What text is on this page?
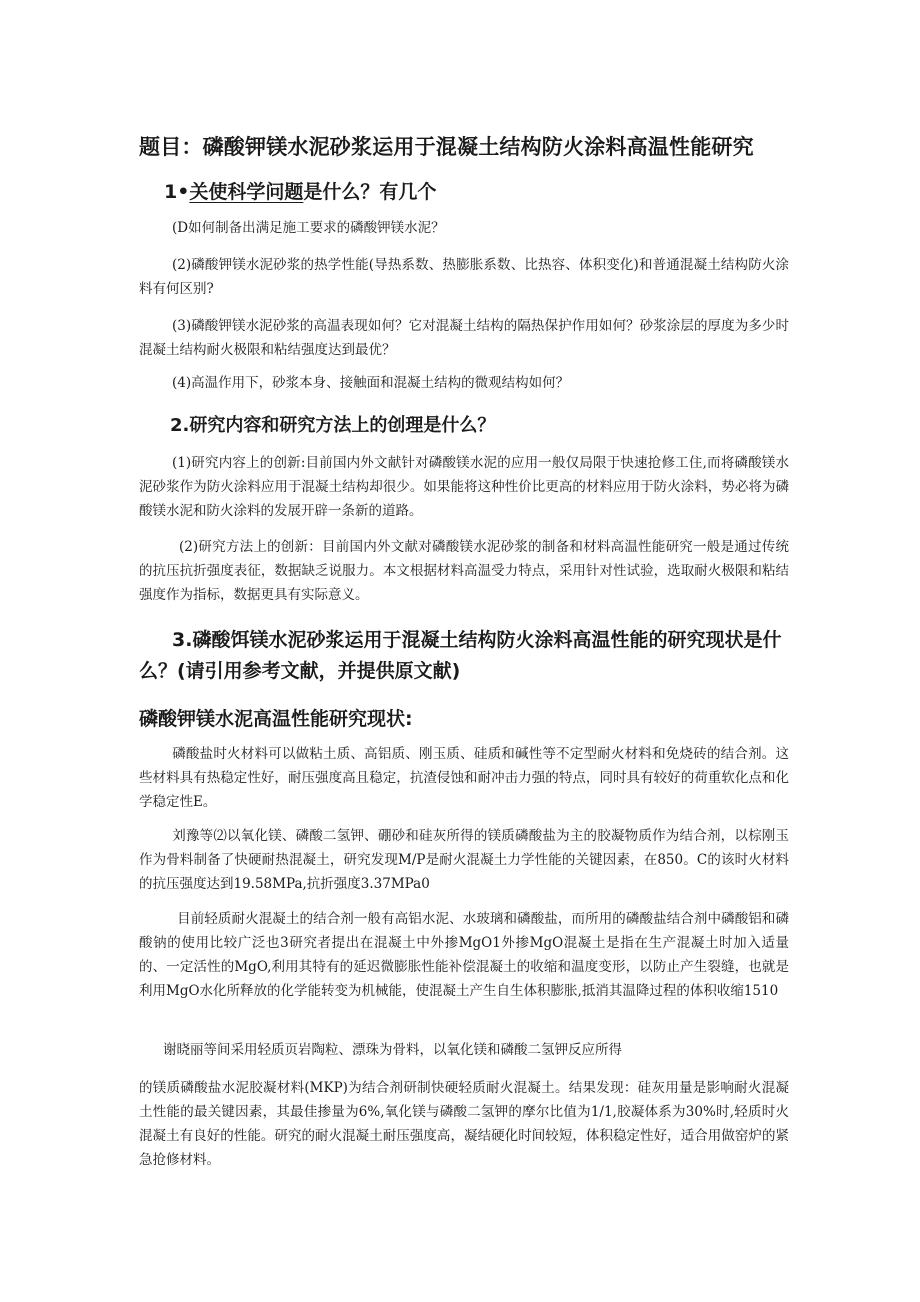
题目：磷酸钾镁水泥砂浆运用于混凝土结构防火涂料高温性能研究
1•关使科学问题是什么？有几个
(D如何制备出满足施工要求的磷酸钾镁水泥？
(2)磷酸钾镁水泥砂浆的热学性能(导热系数、热膨胀系数、比热容、体积变化)和普通混凝土结构防火涂料有何区别?
(3)磷酸钾镁水泥砂浆的高温表现如何？它对混凝土结构的隔热保护作用如何？砂浆涂层的厚度为多少时混凝土结构耐火极限和粘结强度达到最优？
(4)高温作用下，砂浆本身、接触面和混凝土结构的微观结构如何？
2.研究内容和研究方法上的创理是什么？
(1)研究内容上的创新:目前国内外文献针对磷酸镁水泥的应用一般仅局限于快速抢修工住,而将磷酸镁水泥砂浆作为防火涂料应用于混凝土结构却很少。如果能将这种性价比更高的材料应用于防火涂料，势必将为磷酸镁水泥和防火涂料的发展开辟一条新的道路。
(2)研究方法上的创新：目前国内外文献对磷酸镁水泥砂浆的制备和材料高温性能研究一般是通过传统的抗压抗折强度表征，数据缺乏说服力。本文根据材料高温受力特点，采用针对性试验，选取耐火极限和粘结强度作为指标，数据更具有实际意义。
3.磷酸饵镁水泥砂浆运用于混凝土结构防火涂料高温性能的研究现状是什么？(请引用参考文献，并提供原文献)
磷酸钾镁水泥高温性能研究现状:
磷酸盐时火材料可以做粘土质、高铝质、刚玉质、硅质和碱性等不定型耐火材料和免烧砖的结合剂。这些材料具有热稳定性好，耐压强度高且稳定，抗渣侵蚀和耐冲击力强的特点，同时具有较好的荷重软化点和化学稳定性E。
刘豫等⑵以氧化镁、磷酸二氢钾、硼砂和硅灰所得的镁质磷酸盐为主的胶凝物质作为结合剂，以棕刚玉作为骨料制备了快硬耐热混凝土，研究发现M/P是耐火混凝土力学性能的关键因素，在850。C的该时火材料的抗压强度达到19.58MPa,抗折强度3.37MPa0
目前轻质耐火混凝土的结合剂一般有高铝水泥、水玻璃和磷酸盐，而所用的磷酸盐结合剂中磷酸铝和磷酸钠的使用比较广泛也3研究者提出在混凝土中外掺MgO1外掺MgO混凝土是指在生产混凝土时加入适量的、一定活性的MgO,利用其特有的延迟微膨胀性能补偿混凝土的收缩和温度变形，以防止产生裂缝，也就是利用MgO水化所释放的化学能转变为机械能，使混凝土产生自生体积膨胀,抵消其温降过程的体积收缩1510
谢晓丽等间采用轻质页岩陶粒、漂珠为骨料，以氧化镁和磷酸二氢钾反应所得
的镁质磷酸盐水泥胶凝材料(MKP)为结合剂研制快硬轻质耐火混凝土。结果发现：硅灰用量是影响耐火混凝土性能的最关键因素，其最佳掺量为6%,氧化镁与磷酸二氢钾的摩尔比值为1/1,胶凝体系为30%时,轻质时火混凝土有良好的性能。研究的耐火混凝土耐压强度高，凝结硬化时间较短，体积稳定性好，适合用做窑炉的紧急抢修材料。
